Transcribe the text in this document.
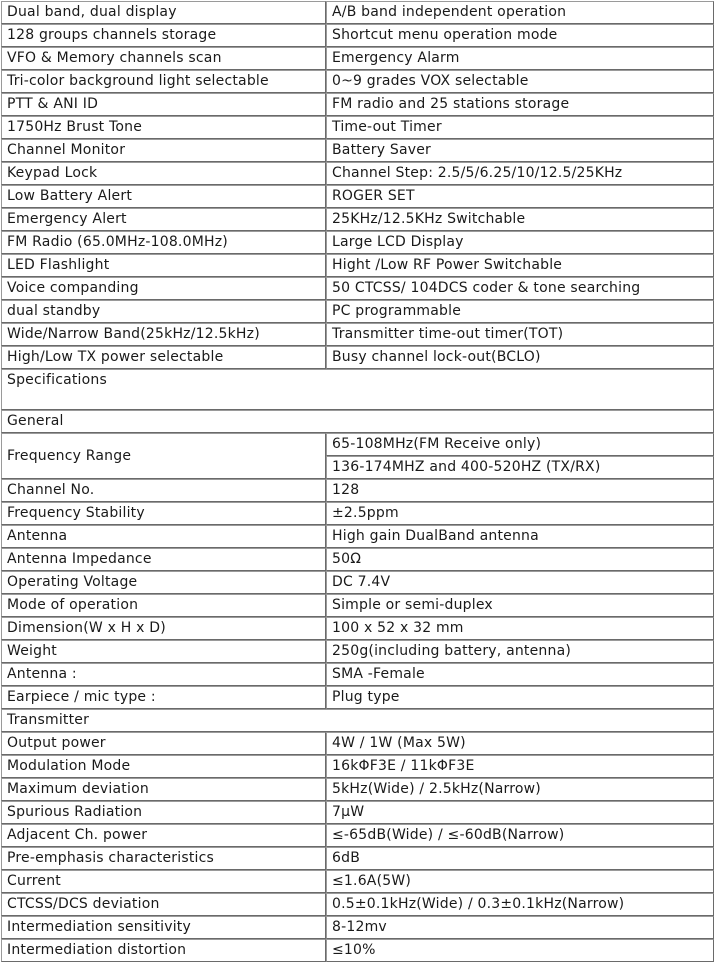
Dual band, dual display	A/B band independent operation
128 groups channels storage	Shortcut menu operation mode
VFO & Memory channels scan	Emergency Alarm
Tri-color background light selectable	0~9 grades VOX selectable
PTT & ANI ID	FM radio and 25 stations storage
1750Hz Brust Tone	Time-out Timer
Channel Monitor	Battery Saver
Keypad Lock	Channel Step: 2.5/5/6.25/10/12.5/25KHz
Low Battery Alert	ROGER SET
Emergency Alert	25KHz/12.5KHz Switchable
FM Radio (65.0MHz-108.0MHz)	Large LCD Display
LED Flashlight	Hight /Low RF Power Switchable
Voice companding	50 CTCSS/ 104DCS coder & tone searching
dual standby	PC programmable
Wide/Narrow Band(25kHz/12.5kHz)	Transmitter time-out timer(TOT)
High/Low TX power selectable	Busy channel lock-out(BCLO)
Specifications	
General	
Frequency Range	65-108MHz(FM Receive only)
	136-174MHZ and 400-520HZ (TX/RX)
Channel No.	128
Frequency Stability	±2.5ppm
Antenna	High gain DualBand antenna
Antenna Impedance	50Ω
Operating Voltage	DC 7.4V
Mode of operation	Simple or semi-duplex
Dimension(W x H x D)	100 x 52 x 32 mm
Weight	250g(including battery, antenna)
Antenna :	SMA -Female
Earpiece / mic type :	Plug type
Transmitter	
Output power	4W / 1W (Max 5W)
Modulation Mode	16kΦF3E / 11kΦF3E
Maximum deviation	5kHz(Wide) / 2.5kHz(Narrow)
Spurious Radiation	7μW
Adjacent Ch. power	≤-65dB(Wide) / ≤-60dB(Narrow)
Pre-emphasis characteristics	6dB
Current	≤1.6A(5W)
CTCSS/DCS deviation	0.5±0.1kHz(Wide) / 0.3±0.1kHz(Narrow)
Intermediation sensitivity	8-12mv
Intermediation distortion	≤10%
